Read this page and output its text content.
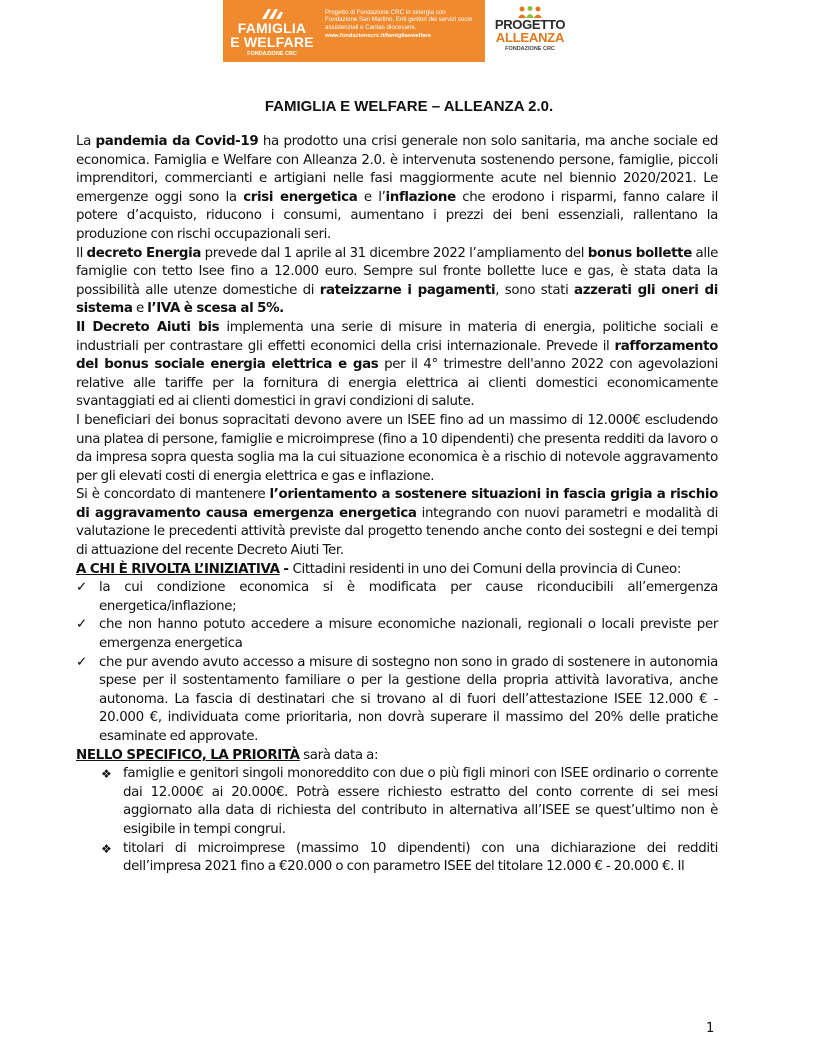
FAMIGLIA
E WELFARE
FONDAZIONE CRC
Progetto di Fondazione CRC in sinergia con Fondazione San Martino, Enti gestori dei servizi socio assistenziali e Caritas diocesane.
www.fondazionecrc.it/famigliaewelfare
PROGETTO
ALLEANZA
FONDAZIONE CRC
FAMIGLIA E WELFARE – ALLEANZA 2.0.

La pandemia da Covid-19 ha prodotto una crisi generale non solo sanitaria, ma anche sociale ed economica. Famiglia e Welfare con Alleanza 2.0. è intervenuta sostenendo persone, famiglie, piccoli imprenditori, commercianti e artigiani nelle fasi maggiormente acute nel biennio 2020/2021. Le emergenze oggi sono la crisi energetica e l’inflazione che erodono i risparmi, fanno calare il potere d’acquisto, riducono i consumi, aumentano i prezzi dei beni essenziali, rallentano la produzione con rischi occupazionali seri.

Il decreto Energia prevede dal 1 aprile al 31 dicembre 2022 l’ampliamento del bonus bollette alle famiglie con tetto Isee fino a 12.000 euro. Sempre sul fronte bollette luce e gas, è stata data la possibilità alle utenze domestiche di rateizzarne i pagamenti, sono stati azzerati gli oneri di sistema e l’IVA è scesa al 5%.

Il Decreto Aiuti bis implementa una serie di misure in materia di energia, politiche sociali e industriali per contrastare gli effetti economici della crisi internazionale. Prevede il rafforzamento del bonus sociale energia elettrica e gas per il 4° trimestre dell'anno 2022 con agevolazioni relative alle tariffe per la fornitura di energia elettrica ai clienti domestici economicamente svantaggiati ed ai clienti domestici in gravi condizioni di salute.

I beneficiari dei bonus sopracitati devono avere un ISEE fino ad un massimo di 12.000€ escludendo una platea di persone, famiglie e microimprese (fino a 10 dipendenti) che presenta redditi da lavoro o da impresa sopra questa soglia ma la cui situazione economica è a rischio di notevole aggravamento per gli elevati costi di energia elettrica e gas e inflazione.

Si è concordato di mantenere l’orientamento a sostenere situazioni in fascia grigia a rischio di aggravamento causa emergenza energetica integrando con nuovi parametri e modalità di valutazione le precedenti attività previste dal progetto tenendo anche conto dei sostegni e dei tempi di attuazione del recente Decreto Aiuti Ter.

A CHI È RIVOLTA L’INIZIATIVA - Cittadini residenti in uno dei Comuni della provincia di Cuneo:

✓ la cui condizione economica si è modificata per cause riconducibili all’emergenza energetica/inflazione;
✓ che non hanno potuto accedere a misure economiche nazionali, regionali o locali previste per emergenza energetica
✓ che pur avendo avuto accesso a misure di sostegno non sono in grado di sostenere in autonomia spese per il sostentamento familiare o per la gestione della propria attività lavorativa, anche autonoma. La fascia di destinatari che si trovano al di fuori dell’attestazione ISEE 12.000 € - 20.000 €, individuata come prioritaria, non dovrà superare il massimo del 20% delle pratiche esaminate ed approvate.

NELLO SPECIFICO, LA PRIORITÀ sarà data a:

❖ famiglie e genitori singoli monoreddito con due o più figli minori con ISEE ordinario o corrente dai 12.000€ ai 20.000€. Potrà essere richiesto estratto del conto corrente di sei mesi aggiornato alla data di richiesta del contributo in alternativa all’ISEE se quest’ultimo non è esigibile in tempi congrui.
❖ titolari di microimprese (massimo 10 dipendenti) con una dichiarazione dei redditi dell’impresa 2021 fino a €20.000 o con parametro ISEE del titolare 12.000 € - 20.000 €. Il
1
